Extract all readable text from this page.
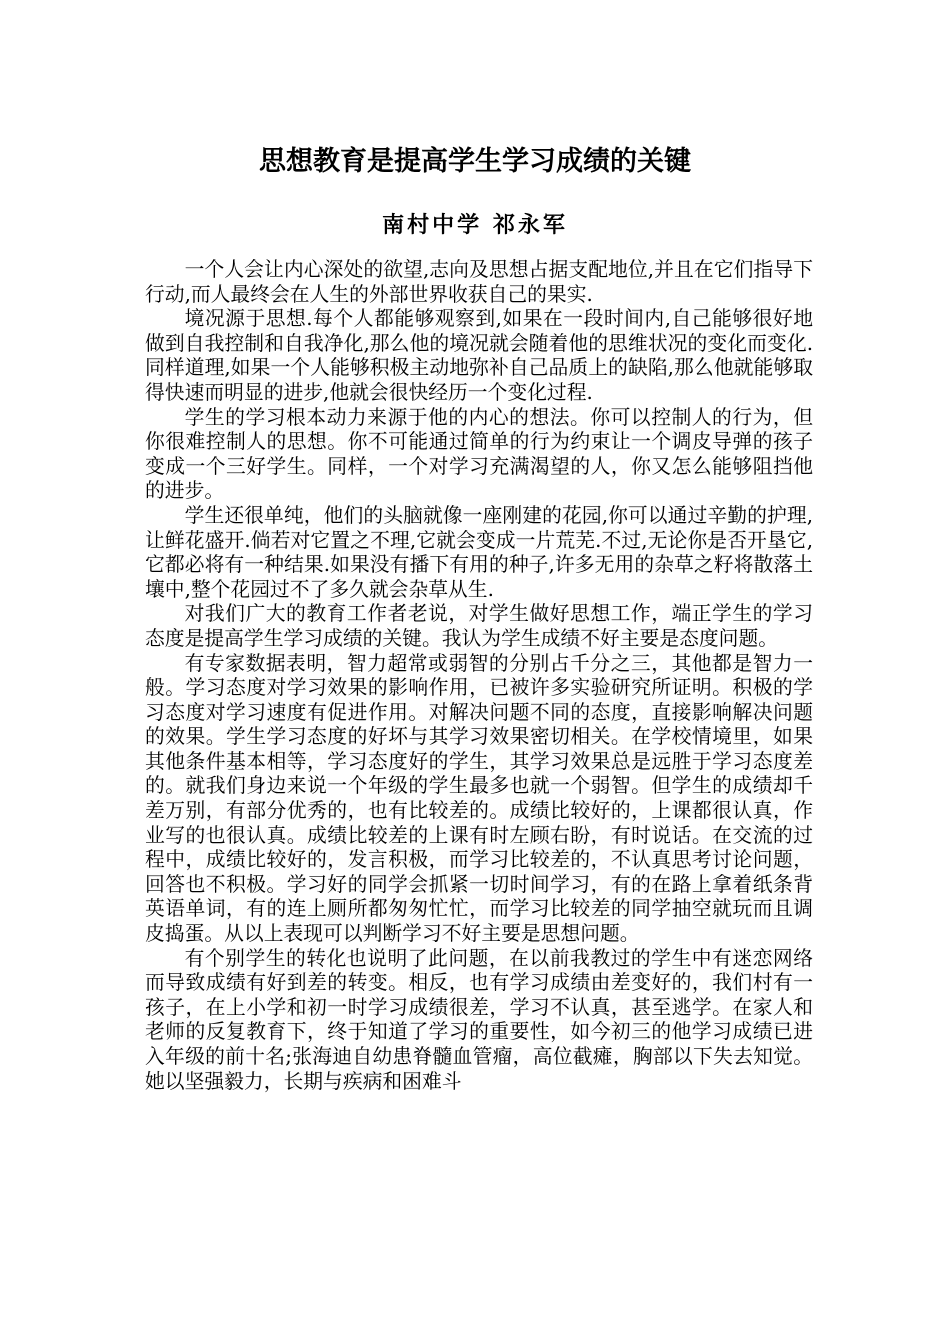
思想教育是提高学生学习成绩的关键
南村中学 祁永军

一个人会让内心深处的欲望,志向及思想占据支配地位,并且在它们指导下行动,而人最终会在人生的外部世界收获自己的果实.

境况源于思想.每个人都能够观察到,如果在一段时间内,自己能够很好地做到自我控制和自我净化,那么他的境况就会随着他的思维状况的变化而变化.同样道理,如果一个人能够积极主动地弥补自己品质上的缺陷,那么他就能够取得快速而明显的进步,他就会很快经历一个变化过程.

学生的学习根本动力来源于他的内心的想法。你可以控制人的行为，但你很难控制人的思想。你不可能通过简单的行为约束让一个调皮导弹的孩子变成一个三好学生。同样，一个对学习充满渴望的人，你又怎么能够阻挡他的进步。

学生还很单纯，他们的头脑就像一座刚建的花园,你可以通过辛勤的护理,让鲜花盛开.倘若对它置之不理,它就会变成一片荒芜.不过,无论你是否开垦它,它都必将有一种结果.如果没有播下有用的种子,许多无用的杂草之籽将散落土壤中,整个花园过不了多久就会杂草从生.

对我们广大的教育工作者老说，对学生做好思想工作，端正学生的学习态度是提高学生学习成绩的关键。我认为学生成绩不好主要是态度问题。

有专家数据表明，智力超常或弱智的分别占千分之三，其他都是智力一般。学习态度对学习效果的影响作用，已被许多实验研究所证明。积极的学习态度对学习速度有促进作用。对解决问题不同的态度，直接影响解决问题的效果。学生学习态度的好坏与其学习效果密切相关。在学校情境里，如果其他条件基本相等，学习态度好的学生，其学习效果总是远胜于学习态度差的。就我们身边来说一个年级的学生最多也就一个弱智。但学生的成绩却千差万别，有部分优秀的，也有比较差的。成绩比较好的，上课都很认真，作业写的也很认真。成绩比较差的上课有时左顾右盼，有时说话。在交流的过程中，成绩比较好的，发言积极，而学习比较差的，不认真思考讨论问题，回答也不积极。学习好的同学会抓紧一切时间学习，有的在路上拿着纸条背英语单词，有的连上厕所都匆匆忙忙，而学习比较差的同学抽空就玩而且调皮捣蛋。从以上表现可以判断学习不好主要是思想问题。

有个别学生的转化也说明了此问题，在以前我教过的学生中有迷恋网络而导致成绩有好到差的转变。相反，也有学习成绩由差变好的，我们村有一孩子，在上小学和初一时学习成绩很差，学习不认真，甚至逃学。在家人和老师的反复教育下，终于知道了学习的重要性，如今初三的他学习成绩已进入年级的前十名;张海迪自幼患脊髓血管瘤，高位截瘫，胸部以下失去知觉。她以坚强毅力，长期与疾病和困难斗
